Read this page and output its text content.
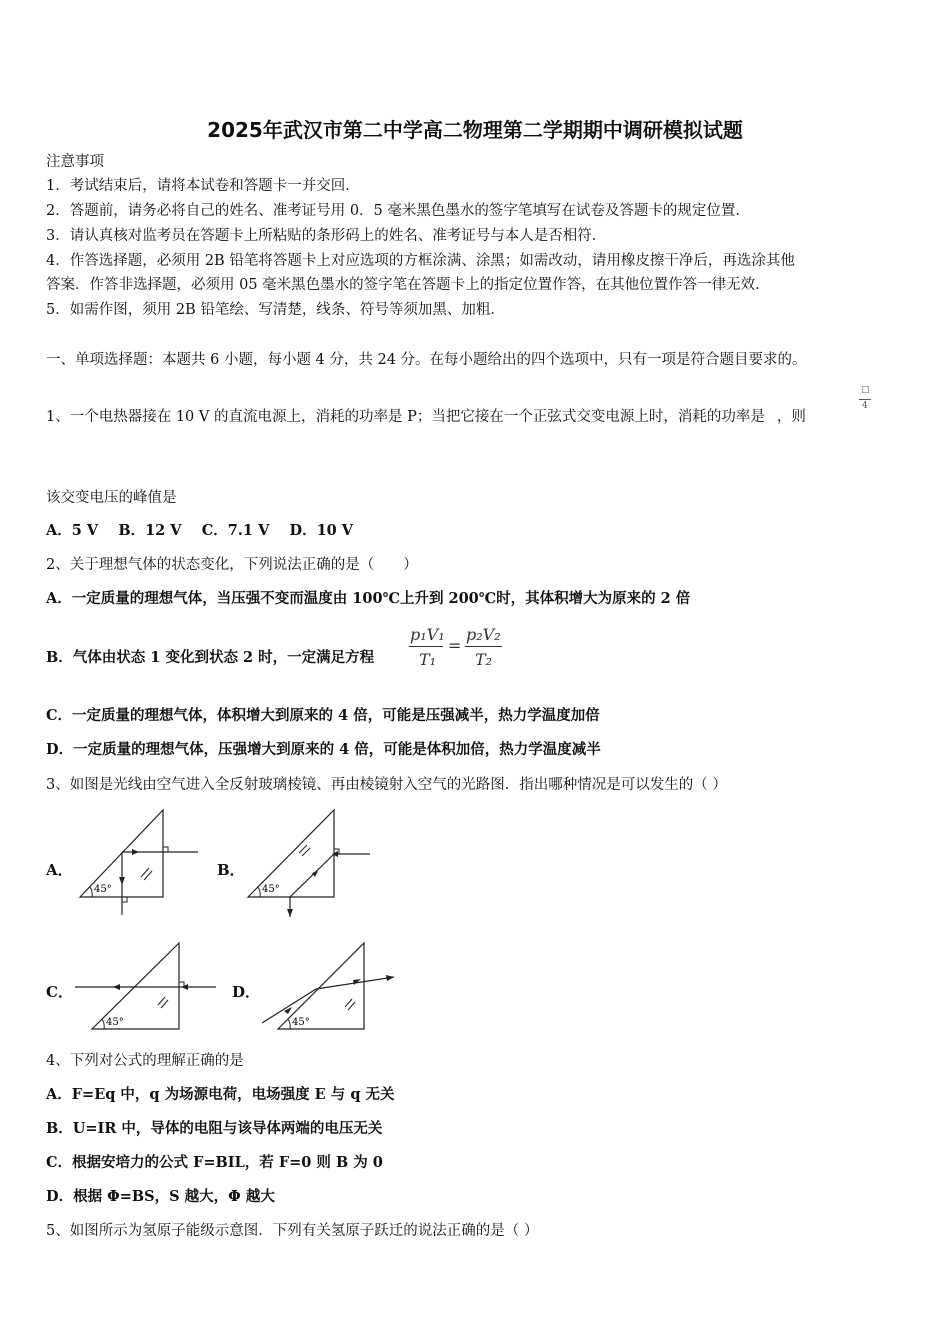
2025年武汉市第二中学高二物理第二学期期中调研模拟试题
注意事项
1．考试结束后，请将本试卷和答题卡一并交回．
2．答题前，请务必将自己的姓名、准考证号用 0．5 毫米黑色墨水的签字笔填写在试卷及答题卡的规定位置．
3．请认真核对监考员在答题卡上所粘贴的条形码上的姓名、准考证号与本人是否相符．
4．作答选择题，必须用 2B 铅笔将答题卡上对应选项的方框涂满、涂黑；如需改动，请用橡皮擦干净后，再选涂其他
答案．作答非选择题，必须用 05 毫米黑色墨水的签字笔在答题卡上的指定位置作答，在其他位置作答一律无效．
5．如需作图，须用 2B 铅笔绘、写清楚，线条、符号等须加黑、加粗．
一、单项选择题：本题共 6 小题，每小题 4 分，共 24 分。在每小题给出的四个选项中，只有一项是符合题目要求的。
1、一个电热器接在 10 V 的直流电源上，消耗的功率是 P；当把它接在一个正弦式交变电源上时，消耗的功率是 ，则
□
4
该交变电压的峰值是
A．5 V    B．12 V    C．7.1 V    D．10 V
2、关于理想气体的状态变化，下列说法正确的是（　　）
A．一定质量的理想气体，当压强不变而温度由 100℃上升到 200℃时，其体积增大为原来的 2 倍
B．气体由状态 1 变化到状态 2 时，一定满足方程
p₁V₁
T₁
=
p₂V₂
T₂
C．一定质量的理想气体，体积增大到原来的 4 倍，可能是压强减半，热力学温度加倍
D．一定质量的理想气体，压强增大到原来的 4 倍，可能是体积加倍，热力学温度减半
3、如图是光线由空气进入全反射玻璃棱镜、再由棱镜射入空气的光路图．指出哪种情况是可以发生的（ ）
A．	B．
C．	D．
45°	45°
45°	45°
4、下列对公式的理解正确的是
A．F=Eq 中，q 为场源电荷，电场强度 E 与 q 无关
B．U=IR 中，导体的电阻与该导体两端的电压无关
C．根据安培力的公式 F=BIL，若 F=0 则 B 为 0
D．根据 Φ=BS，S 越大，Φ 越大
5、如图所示为氢原子能级示意图．下列有关氢原子跃迁的说法正确的是（ ）
